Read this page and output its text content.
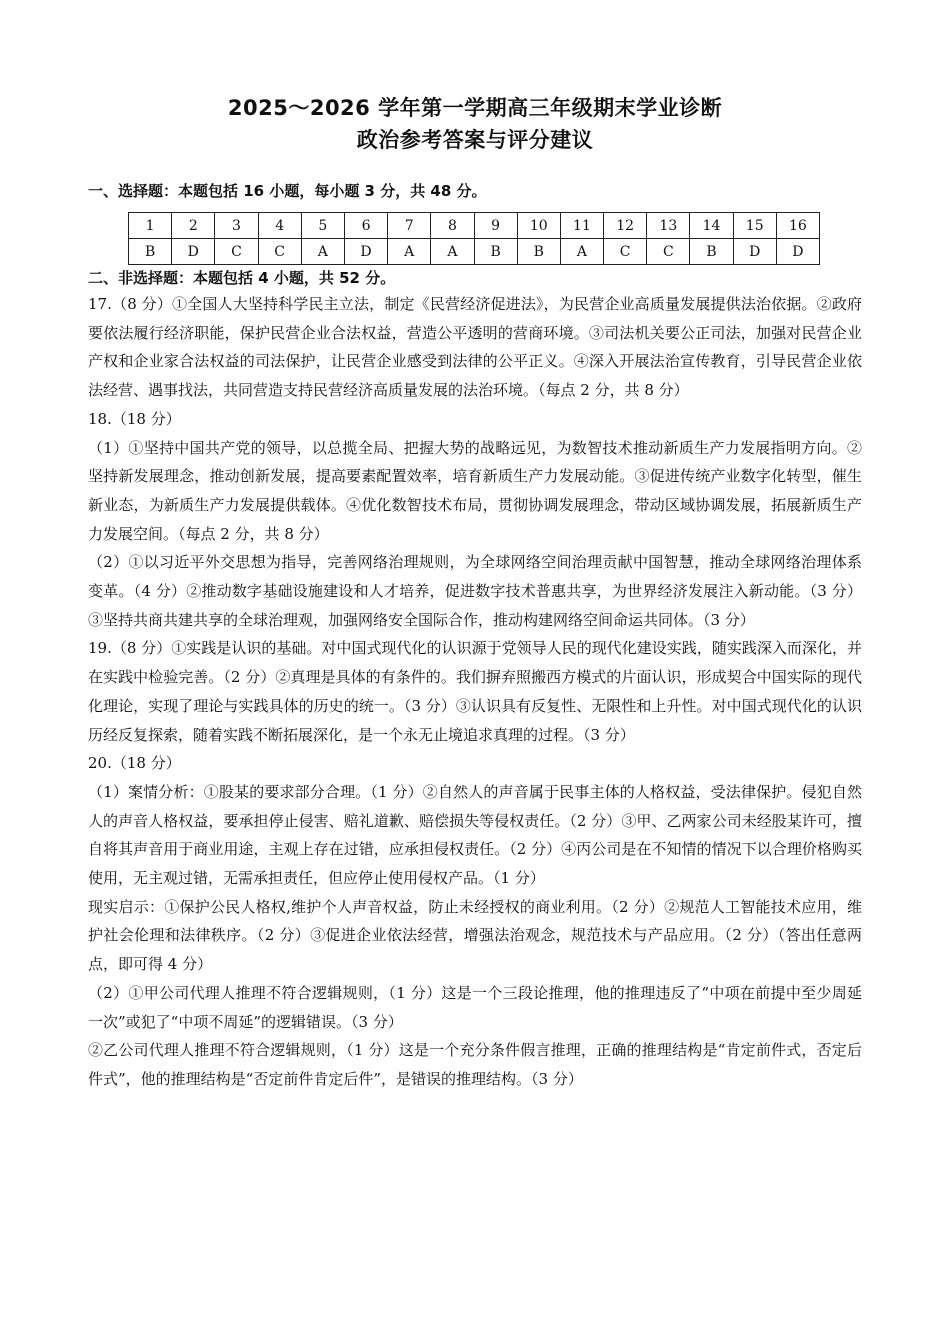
2025～2026 学年第一学期高三年级期末学业诊断
政治参考答案与评分建议
一、选择题：本题包括 16 小题，每小题 3 分，共 48 分。
1	2	3	4	5	6	7	8	9	10	11	12	13	14	15	16
B	D	C	C	A	D	A	A	B	B	A	C	C	B	D	D
二、非选择题：本题包括 4 小题，共 52 分。

17.（8 分）①全国人大坚持科学民主立法，制定《民营经济促进法》，为民营企业高质量发展提供法治依据。②政府要依法履行经济职能，保护民营企业合法权益，营造公平透明的营商环境。③司法机关要公正司法，加强对民营企业产权和企业家合法权益的司法保护，让民营企业感受到法律的公平正义。④深入开展法治宣传教育，引导民营企业依法经营、遇事找法，共同营造支持民营经济高质量发展的法治环境。（每点 2 分，共 8 分）

18.（18 分）

（1）①坚持中国共产党的领导，以总揽全局、把握大势的战略远见，为数智技术推动新质生产力发展指明方向。②坚持新发展理念，推动创新发展，提高要素配置效率，培育新质生产力发展动能。③促进传统产业数字化转型，催生新业态，为新质生产力发展提供载体。④优化数智技术布局，贯彻协调发展理念，带动区域协调发展，拓展新质生产力发展空间。（每点 2 分，共 8 分）

（2）①以习近平外交思想为指导，完善网络治理规则，为全球网络空间治理贡献中国智慧，推动全球网络治理体系变革。（4 分）②推动数字基础设施建设和人才培养，促进数字技术普惠共享，为世界经济发展注入新动能。（3 分）③坚持共商共建共享的全球治理观，加强网络安全国际合作，推动构建网络空间命运共同体。（3 分）

19.（8 分）①实践是认识的基础。对中国式现代化的认识源于党领导人民的现代化建设实践，随实践深入而深化，并在实践中检验完善。（2 分）②真理是具体的有条件的。我们摒弃照搬西方模式的片面认识，形成契合中国实际的现代化理论，实现了理论与实践具体的历史的统一。（3 分）③认识具有反复性、无限性和上升性。对中国式现代化的认识历经反复探索，随着实践不断拓展深化，是一个永无止境追求真理的过程。（3 分）

20.（18 分）

（1）案情分析：①股某的要求部分合理。（1 分）②自然人的声音属于民事主体的人格权益，受法律保护。侵犯自然人的声音人格权益，要承担停止侵害、赔礼道歉、赔偿损失等侵权责任。（2 分）③甲、乙两家公司未经股某许可，擅自将其声音用于商业用途，主观上存在过错，应承担侵权责任。（2 分）④丙公司是在不知情的情况下以合理价格购买使用，无主观过错，无需承担责任，但应停止使用侵权产品。（1 分）

现实启示：①保护公民人格权,维护个人声音权益，防止未经授权的商业利用。（2 分）②规范人工智能技术应用，维护社会伦理和法律秩序。（2 分）③促进企业依法经营，增强法治观念，规范技术与产品应用。（2 分）（答出任意两点，即可得 4 分）

（2）①甲公司代理人推理不符合逻辑规则，（1 分）这是一个三段论推理，他的推理违反了“中项在前提中至少周延一次”或犯了“中项不周延”的逻辑错误。（3 分）

②乙公司代理人推理不符合逻辑规则，（1 分）这是一个充分条件假言推理，正确的推理结构是“肯定前件式，否定后件式”，他的推理结构是“否定前件肯定后件”，是错误的推理结构。（3 分）
